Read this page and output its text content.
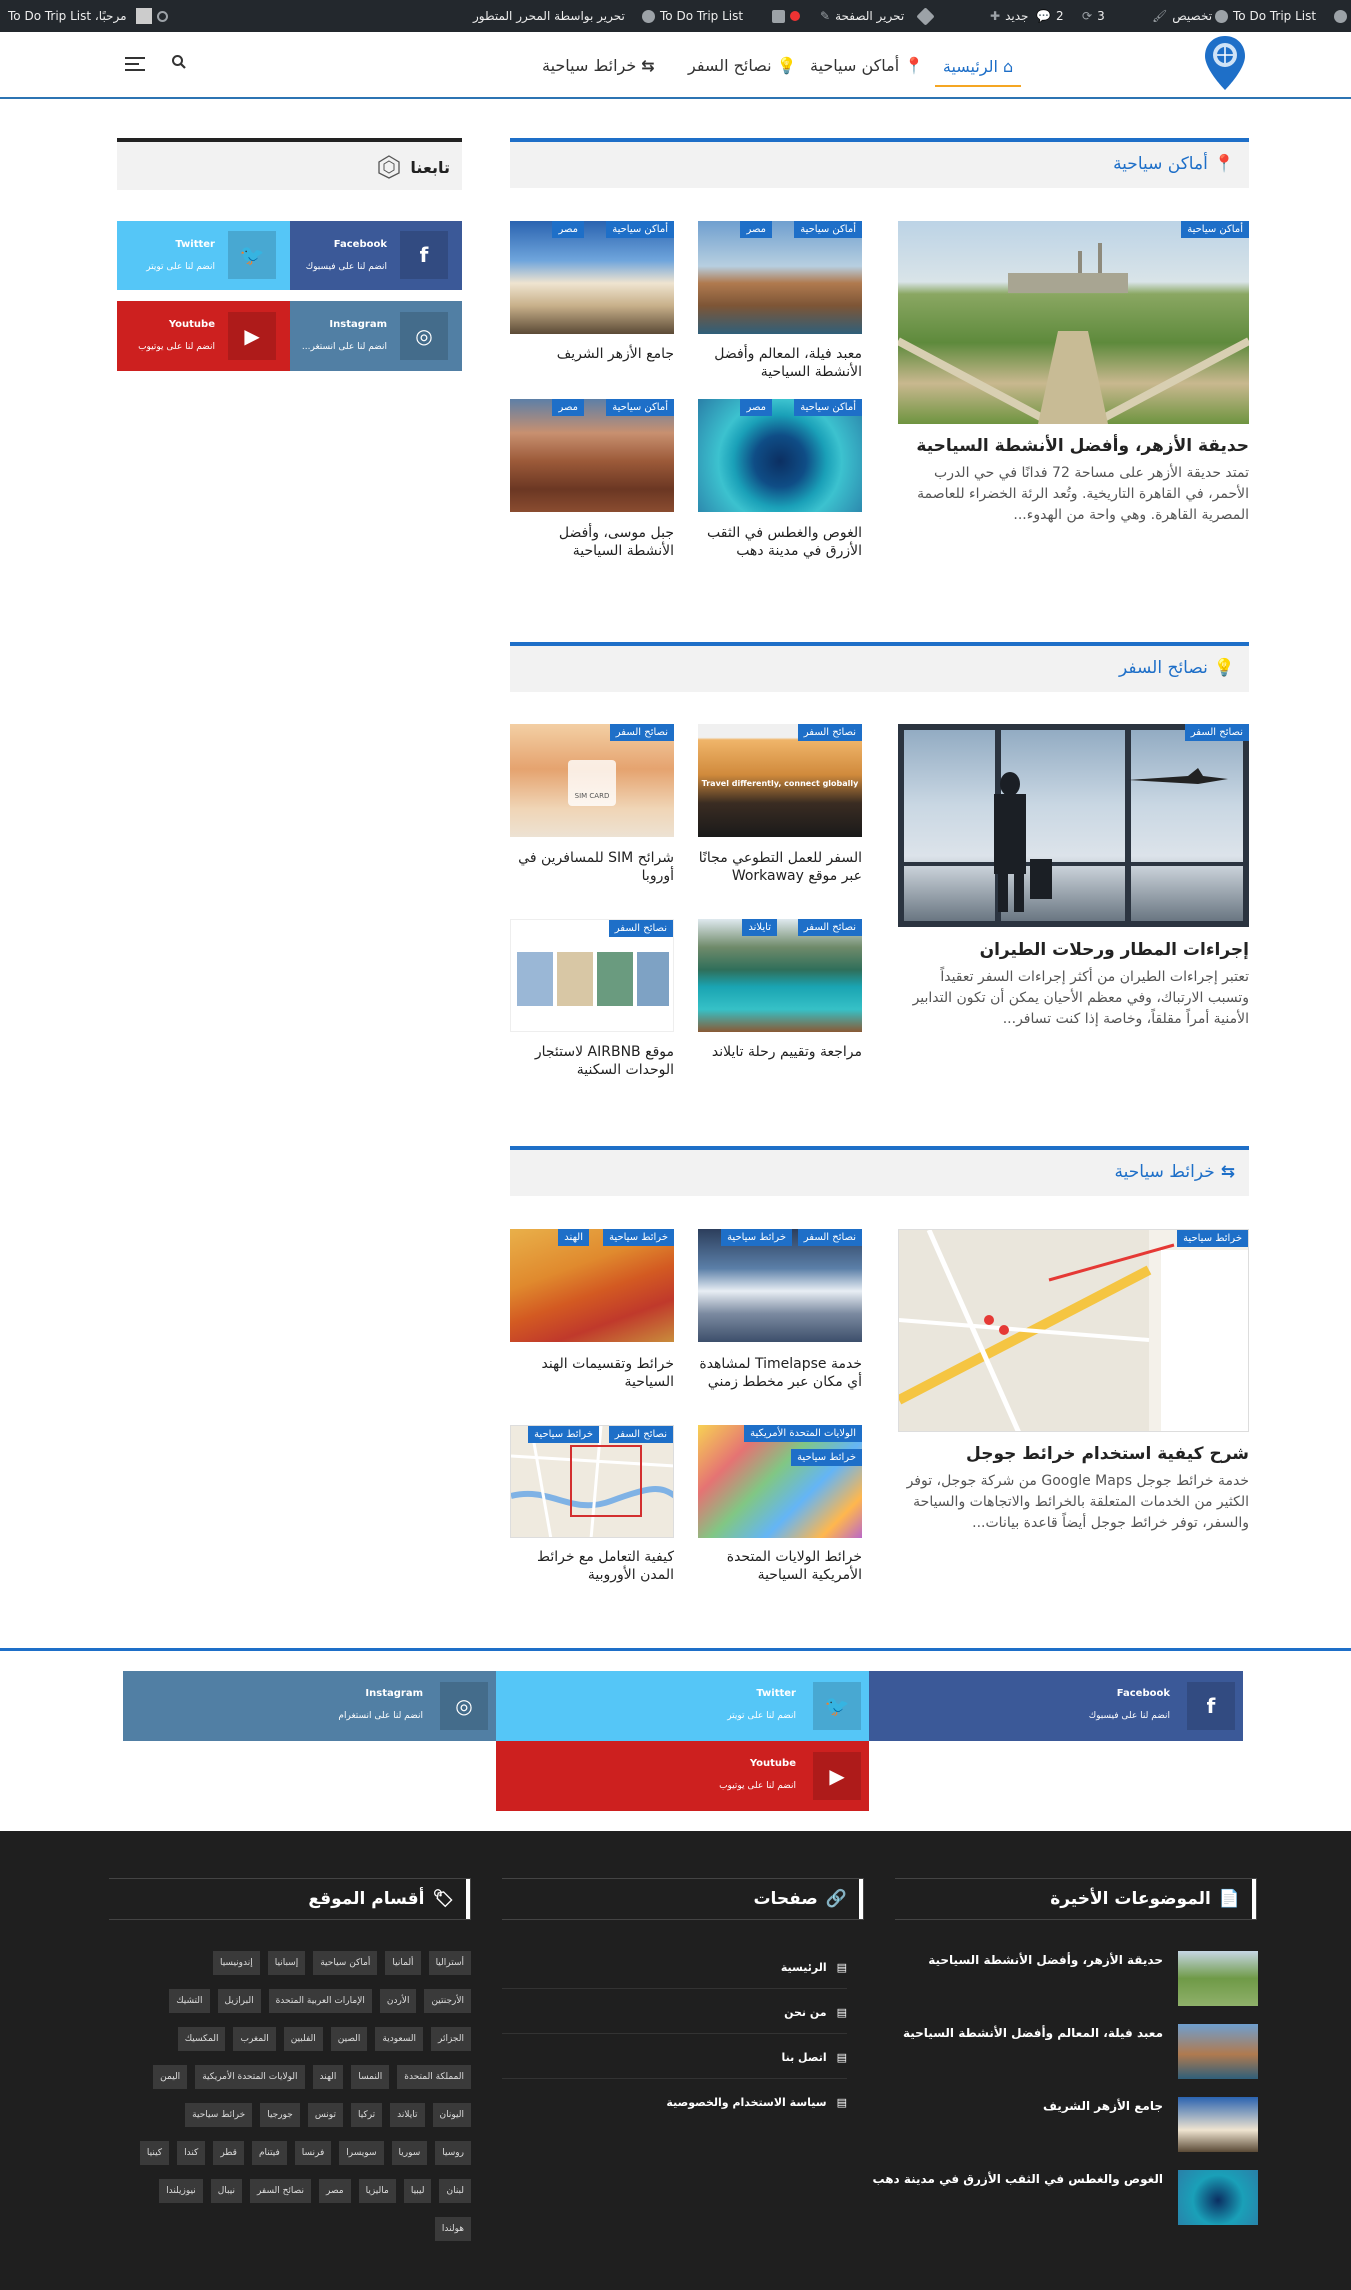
مرحبًا، To Do Trip List	تحرير بواسطة المحرر المتطور	To Do Trip List	تحرير الصفحة
✎	جديد
✚	2
💬	3
⟳	تخصيص
🖌	To Do Trip List
⌂
الرئيسية
📍
أماكن سياحية
💡
نصائح السفر
⇆
خرائط سياحية
تابعنا
f
Facebook
انضم لنا على فيسبوك
🐦
Twitter
انضم لنا على تويتر
◎
Instagram
انضم لنا على انستغر...
▶
Youtube
انضم لنا على يوتيوب
📍
أماكن سياحية
أماكن سياحية
حديقة الأزهر، وأفضل الأنشطة السياحية
تمتد حديقة الأزهر على مساحة 72 فدانًا في حي الدرب الأحمر، في القاهرة التاريخية. وتُعد الرئة الخضراء للعاصمة المصرية القاهرة. وهي واحة من الهدوء...
أماكن سياحية
مصر
معبد فيلة، المعالم وأفضل الأنشطة السياحية
أماكن سياحية
مصر
جامع الأزهر الشريف
أماكن سياحية
مصر
الغوص والغطس في الثقب الأزرق في مدينة دهب
أماكن سياحية
مصر
جبل موسى، وأفضل الأنشطة السياحية
💡
نصائح السفر
نصائح السفر
إجراءات المطار ورحلات الطيران
تعتبر إجراءات الطيران من أكثر إجراءات السفر تعقيداً وتسبب الارتباك، وفي معظم الأحيان يمكن أن تكون التدابير الأمنية أمراً مقلقاً، وخاصة إذا كنت تسافر...
Travel differently, connect globally
نصائح السفر
السفر للعمل التطوعي مجانًا عبر موقع Workaway
SIM CARD
نصائح السفر
شرائح SIM للمسافرين في أوروبا
نصائح السفر
تايلاند
مراجعة وتقييم رحلة تايلاند
نصائح السفر
موقع AIRBNB لاستئجار الوحدات السكنية
⇆
خرائط سياحية
خرائط سياحية
شرح كيفية استخدام خرائط جوجل
خدمة خرائط جوجل Google Maps من شركة جوجل، توفر الكثير من الخدمات المتعلقة بالخرائط والاتجاهات والسياحة والسفر، توفر خرائط جوجل أيضاً قاعدة بيانات...
نصائح السفر
خرائط سياحية
خدمة Timelapse لمشاهدة أي مكان عبر مخطط زمني
خرائط سياحية
الهند
خرائط وتقسيمات الهند السياحية
الولايات المتحدة الأمريكية
خرائط سياحية
خرائط الولايات المتحدة الأمريكية السياحية
نصائح السفر
خرائط سياحية
كيفية التعامل مع خرائط المدن الأوروبية
f
Facebook
انضم لنا على فيسبوك
🐦
Twitter
انضم لنا على تويتر
◎
Instagram
انضم لنا على انستغرام
▶
Youtube
انضم لنا على يوتيوب
📄
الموضوعات الأخيرة
حديقة الأزهر، وأفضل الأنشطة السياحية
معبد فيلة، المعالم وأفضل الأنشطة السياحية
جامع الأزهر الشريف
الغوص والغطس في الثقب الأزرق في مدينة دهب
🔗
صفحات
▤
الرئيسية
▤
من نحن
▤
اتصل بنا
▤
سياسة الاستخدام والخصوصية
🏷
أقسام الموقع
أستراليا
ألمانيا
أماكن سياحية
إسبانيا
إندونيسيا
الأرجنتين
الأردن
الإمارات العربية المتحدة
البرازيل
التشيك
الجزائر
السعودية
الصين
الفلبين
المغرب
المكسيك
المملكة المتحدة
النمسا
الهند
الولايات المتحدة الأمريكية
اليمن
اليونان
تايلاند
تركيا
تونس
جورجيا
خرائط سياحية
روسيا
سوريا
سويسرا
فرنسا
فيتنام
قطر
كندا
كينيا
لبنان
ليبيا
ماليزيا
مصر
نصائح السفر
نيبال
نيوزيلندا
هولندا
